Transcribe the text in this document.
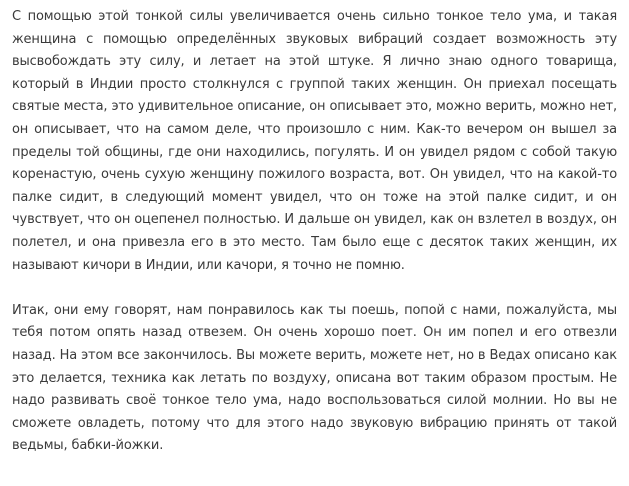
С помощью этой тонкой силы увеличивается очень сильно тонкое тело ума, и такая женщина с помощью определённых звуковых вибраций создает возможность эту высвобождать эту силу, и летает на этой штуке. Я лично знаю одного товарища, который в Индии просто столкнулся с группой таких женщин. Он приехал посещать святые места, это удивительное описание, он описывает это, можно верить, можно нет, он описывает, что на самом деле, что произошло с ним. Как-то вечером он вышел за пределы той общины, где они находились, погулять. И он увидел рядом с собой такую коренастую, очень сухую женщину пожилого возраста, вот. Он увидел, что на какой-то палке сидит, в следующий момент увидел, что он тоже на этой палке сидит, и он чувствует, что он оцепенел полностью. И дальше он увидел, как он взлетел в воздух, он полетел, и она привезла его в это место. Там было еще с десяток таких женщин, их называют кичори в Индии, или качори, я точно не помню.

Итак, они ему говорят, нам понравилось как ты поешь, попой с нами, пожалуйста, мы тебя потом опять назад отвезем. Он очень хорошо поет. Он им попел и его отвезли назад. На этом все закончилось. Вы можете верить, можете нет, но в Ведах описано как это делается, техника как летать по воздуху, описана вот таким образом простым. Не надо развивать своё тонкое тело ума, надо воспользоваться силой молнии. Но вы не сможете овладеть, потому что для этого надо звуковую вибрацию принять от такой ведьмы, бабки-йожки.
